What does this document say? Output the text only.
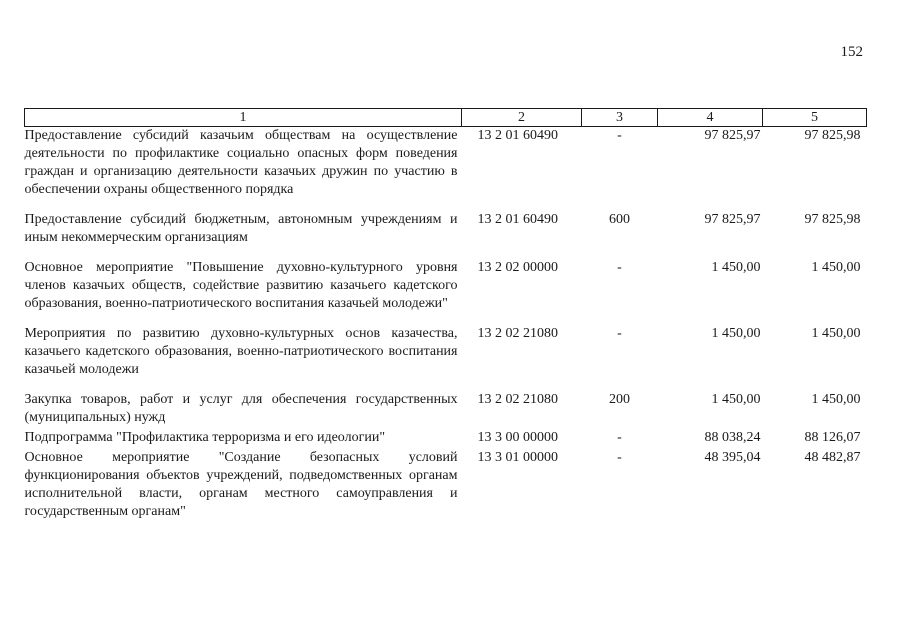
152
1	2	3	4	5
Предоставление субсидий казачьим обществам на осуществление деятельности по профилактике социально опасных форм поведения граждан и организацию деятельности казачьих дружин по участию в обеспечении охраны общественного порядка	13 2 01 60490	-	97 825,97	97 825,98
Предоставление субсидий бюджетным, автономным учреждениям и иным некоммерческим организациям	13 2 01 60490	600	97 825,97	97 825,98
Основное мероприятие "Повышение духовно-культурного уровня членов казачьих обществ, содействие развитию казачьего кадетского образования, военно-патриотического воспитания казачьей молодежи"	13 2 02 00000	-	1 450,00	1 450,00
Мероприятия по развитию духовно-культурных основ казачества, казачьего кадетского образования, военно-патриотического воспитания казачьей молодежи	13 2 02 21080	-	1 450,00	1 450,00
Закупка товаров, работ и услуг для обеспечения государственных (муниципальных) нужд	13 2 02 21080	200	1 450,00	1 450,00
Подпрограмма "Профилактика терроризма и его идеологии"	13 3 00 00000	-	88 038,24	88 126,07
Основное мероприятие "Создание безопасных условий функционирования объектов учреждений, подведомственных органам исполнительной власти, органам местного самоуправления и государственным органам"	13 3 01 00000	-	48 395,04	48 482,87
